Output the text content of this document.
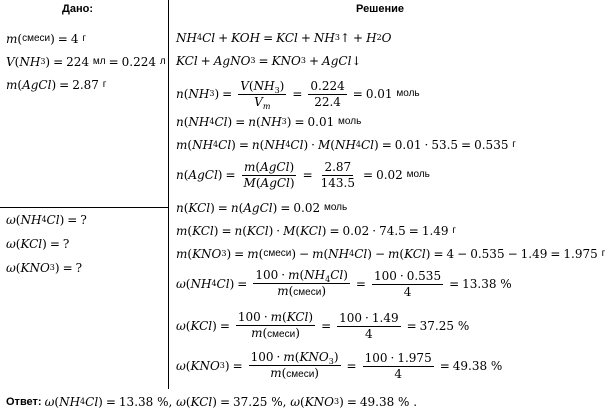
Дано:	Решение
m ( смеси ) = 4 г
V ( NH 3 ) = 224 мл = 0.224 л
m ( AgCl ) = 2.87 г
ω ( NH 4 Cl ) = ?
ω ( KCl ) = ?
ω ( KNO 3 ) = ?
NH 4 Cl + KOH = KCl + NH 3 ↑ + H 2 O
KCl + AgNO 3 = KNO 3 + AgCl ↓
n ( NH 3 ) = $\frac{V(NH_3)}{V_m} = \frac{0.224}{22.4} = 0.01$ моль
n ( NH 4 Cl ) = n ( NH 3 ) = 0.01 моль
m ( NH 4 Cl ) = n ( NH 4 Cl ) · M ( NH 4 Cl ) = 0.01 · 53.5 = 0.535 г
n ( AgCl ) = $\frac{\text{m(AgCl)}}{\text{M(AgCl)}} = \frac{2.87}{143.5} = 0.02$ моль
n ( KCl ) = n ( AgCl ) = 0.02 моль
m ( KCl ) = n ( KCl ) · M ( KCl ) = 0.02 · 74.5 = 1.49 г
m ( KNO 3 ) = m ( смеси ) − m ( NH 4 Cl ) − m ( KCl ) = 4 − 0.535 − 1.49 = 1.975 г
ω ( NH 4 Cl ) = $\frac{100 \cdot m(NH_4Cl)}{\text{m(смеси)}} = \frac{100 \cdot 0.535}{4} = 13.38$ %
ω ( KCl ) = $\frac{\text{100 · m(KCl)}}{\text{m(смеси)}} = \frac{100 \cdot 1.49}{4} = 37.25$ %
ω ( KNO 3 ) = $\frac{100 \cdot m(KNO_3)}{\text{m(смеси)}} = \frac{100 \cdot 1.975}{4} = 49.38$ %
Ответ: ω ( NH 4 Cl ) = 13.38 %, ω ( KCl ) = 37.25 %, ω ( KNO 3 ) = 49.38 % .
